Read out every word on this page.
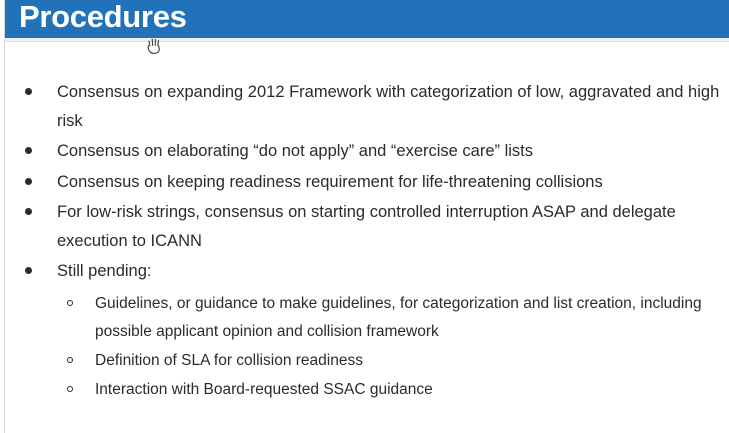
Procedures
Consensus on expanding 2012 Framework with categorization of low, aggravated and high risk
Consensus on elaborating “do not apply” and “exercise care” lists
Consensus on keeping readiness requirement for life-threatening collisions
For low-risk strings, consensus on starting controlled interruption ASAP and delegate execution to ICANN
Still pending:
Guidelines, or guidance to make guidelines, for categorization and list creation, including possible applicant opinion and collision framework
Definition of SLA for collision readiness
Interaction with Board-requested SSAC guidance
